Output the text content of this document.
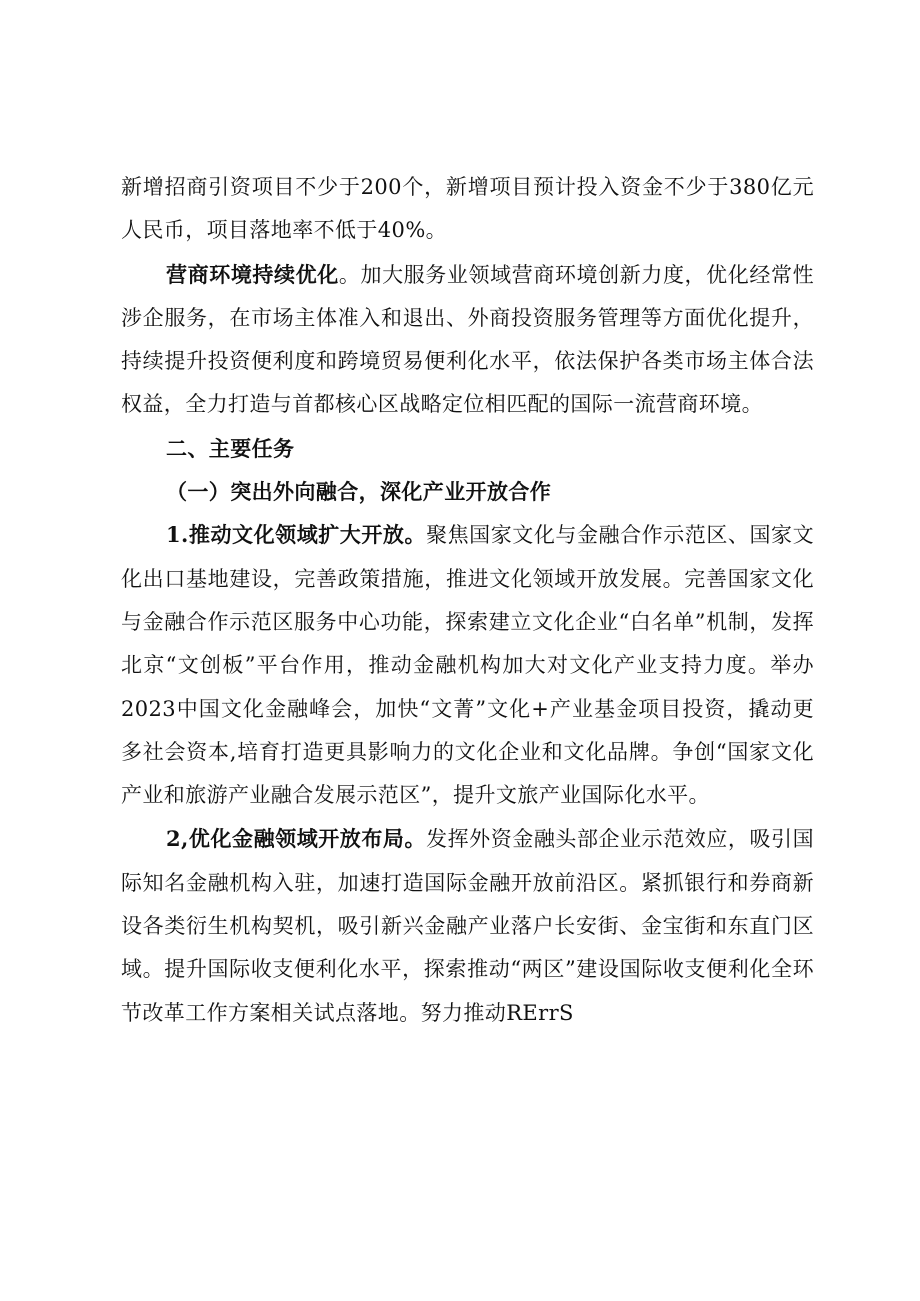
新增招商引资项目不少于200个，新增项目预计投入资金不少于380亿元人民币，项目落地率不低于40%。

营商环境持续优化。加大服务业领域营商环境创新力度，优化经常性涉企服务，在市场主体准入和退出、外商投资服务管理等方面优化提升，持续提升投资便利度和跨境贸易便利化水平，依法保护各类市场主体合法权益，全力打造与首都核心区战略定位相匹配的国际一流营商环境。

二、主要任务

（一）突出外向融合，深化产业开放合作

1.推动文化领域扩大开放。聚焦国家文化与金融合作示范区、国家文化出口基地建设，完善政策措施，推进文化领域开放发展。完善国家文化与金融合作示范区服务中心功能，探索建立文化企业“白名单”机制，发挥北京“文创板”平台作用，推动金融机构加大对文化产业支持力度。举办2023中国文化金融峰会，加快“文菁”文化+产业基金项目投资，撬动更多社会资本,培育打造更具影响力的文化企业和文化品牌。争创“国家文化产业和旅游产业融合发展示范区”，提升文旅产业国际化水平。

2,优化金融领域开放布局。发挥外资金融头部企业示范效应，吸引国际知名金融机构入驻，加速打造国际金融开放前沿区。紧抓银行和券商新设各类衍生机构契机，吸引新兴金融产业落户长安街、金宝街和东直门区域。提升国际收支便利化水平，探索推动“两区”建设国际收支便利化全环节改革工作方案相关试点落地。努力推动RErrS
